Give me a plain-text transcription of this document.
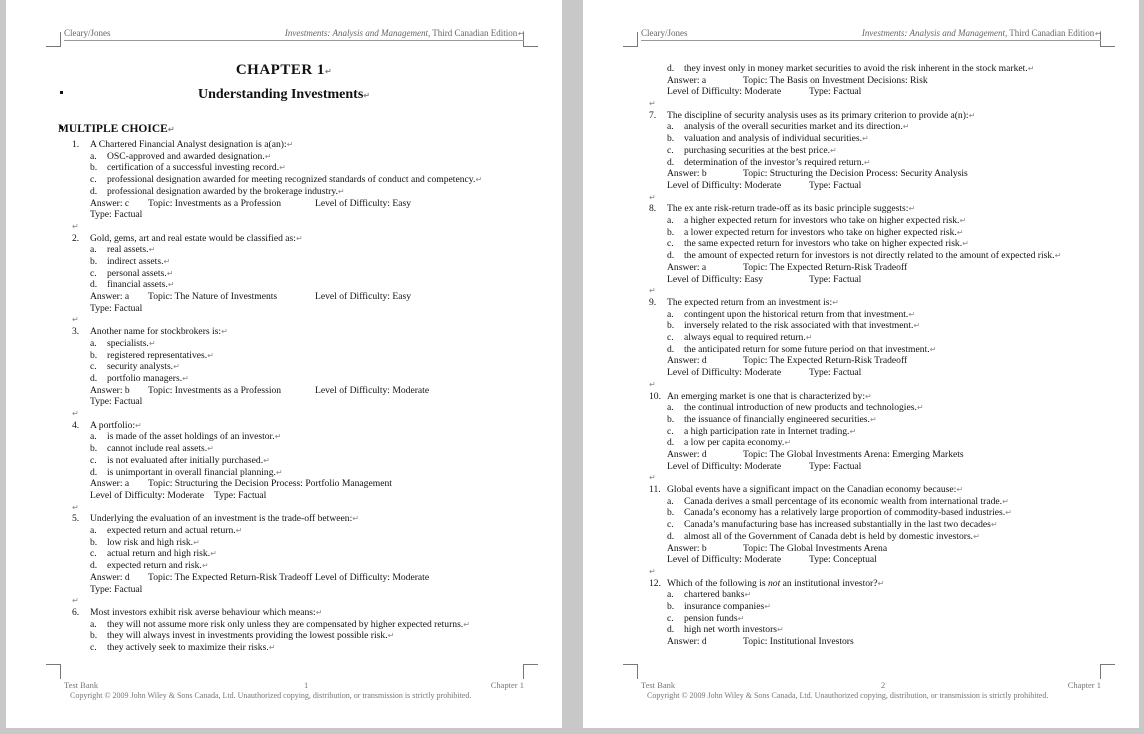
Cleary/Jones	Investments: Analysis and Management, Third Canadian Edition↵
CHAPTER 1↵
Understanding Investments↵
MULTIPLE CHOICE↵
1. A Chartered Financial Analyst designation is a(an):↵
a. OSC-approved and awarded designation.↵
b. certification of a successful investing record.↵
c. professional designation awarded for meeting recognized standards of conduct and competency.↵
d. professional designation awarded by the brokerage industry.↵
Answer: c Topic: Investments as a Profession	Level of Difficulty: Easy
Type: Factual
↵
2. Gold, gems, art and real estate would be classified as:↵
a. real assets.↵
b. indirect assets.↵
c. personal assets.↵
d. financial assets.↵
Answer: a Topic: The Nature of Investments	Level of Difficulty: Easy
Type: Factual
↵
3. Another name for stockbrokers is:↵
a. specialists.↵
b. registered representatives.↵
c. security analysts.↵
d. portfolio managers.↵
Answer: b Topic: Investments as a Profession	Level of Difficulty: Moderate
Type: Factual
↵
4. A portfolio:↵
a. is made of the asset holdings of an investor.↵
b. cannot include real assets.↵
c. is not evaluated after initially purchased.↵
d. is unimportant in overall financial planning.↵
Answer: a Topic: Structuring the Decision Process: Portfolio Management
Level of Difficulty: Moderate Type: Factual
↵
5. Underlying the evaluation of an investment is the trade-off between:↵
a. expected return and actual return.↵
b. low risk and high risk.↵
c. actual return and high risk.↵
d. expected return and risk.↵
Answer: d Topic: The Expected Return-Risk Tradeoff Level of Difficulty: Moderate
Type: Factual
↵
6. Most investors exhibit risk averse behaviour which means:↵
a. they will not assume more risk only unless they are compensated by higher expected returns.↵
b. they will always invest in investments providing the lowest possible risk.↵
c. they actively seek to maximize their risks.↵
Test Bank	1	Chapter 1
Copyright © 2009 John Wiley & Sons Canada, Ltd. Unauthorized copying, distribution, or transmission is strictly prohibited.
Cleary/Jones	Investments: Analysis and Management, Third Canadian Edition↵
d. they invest only in money market securities to avoid the risk inherent in the stock market.↵
Answer: a	Topic: The Basis on Investment Decisions: Risk
Level of Difficulty: Moderate	Type: Factual
↵
7. The discipline of security analysis uses as its primary criterion to provide a(n):↵
a. analysis of the overall securities market and its direction.↵
b. valuation and analysis of individual securities.↵
c. purchasing securities at the best price.↵
d. determination of the investor’s required return.↵
Answer: b	Topic: Structuring the Decision Process: Security Analysis
Level of Difficulty: Moderate	Type: Factual
↵
8. The ex ante risk-return trade-off as its basic principle suggests:↵
a. a higher expected return for investors who take on higher expected risk.↵
b. a lower expected return for investors who take on higher expected risk.↵
c. the same expected return for investors who take on higher expected risk.↵
d. the amount of expected return for investors is not directly related to the amount of expected risk.↵
Answer: a	Topic: The Expected Return-Risk Tradeoff
Level of Difficulty: Easy	Type: Factual
↵
9. The expected return from an investment is:↵
a. contingent upon the historical return from that investment.↵
b. inversely related to the risk associated with that investment.↵
c. always equal to required return.↵
d. the anticipated return for some future period on that investment.↵
Answer: d	Topic: The Expected Return-Risk Tradeoff
Level of Difficulty: Moderate	Type: Factual
↵
10. An emerging market is one that is characterized by:↵
a. the continual introduction of new products and technologies.↵
b. the issuance of financially engineered securities.↵
c. a high participation rate in Internet trading.↵
d. a low per capita economy.↵
Answer: d	Topic: The Global Investments Arena: Emerging Markets
Level of Difficulty: Moderate	Type: Factual
↵
11. Global events have a significant impact on the Canadian economy because:↵
a. Canada derives a small percentage of its economic wealth from international trade.↵
b. Canada’s economy has a relatively large proportion of commodity-based industries.↵
c. Canada’s manufacturing base has increased substantially in the last two decades↵
d. almost all of the Government of Canada debt is held by domestic investors.↵
Answer: b	Topic: The Global Investments Arena
Level of Difficulty: Moderate	Type: Conceptual
↵
12. Which of the following is not an institutional investor?↵
a. chartered banks↵
b. insurance companies↵
c. pension funds↵
d. high net worth investors↵
Answer: d	Topic: Institutional Investors
Test Bank	2	Chapter 1
Copyright © 2009 John Wiley & Sons Canada, Ltd. Unauthorized copying, distribution, or transmission is strictly prohibited.
